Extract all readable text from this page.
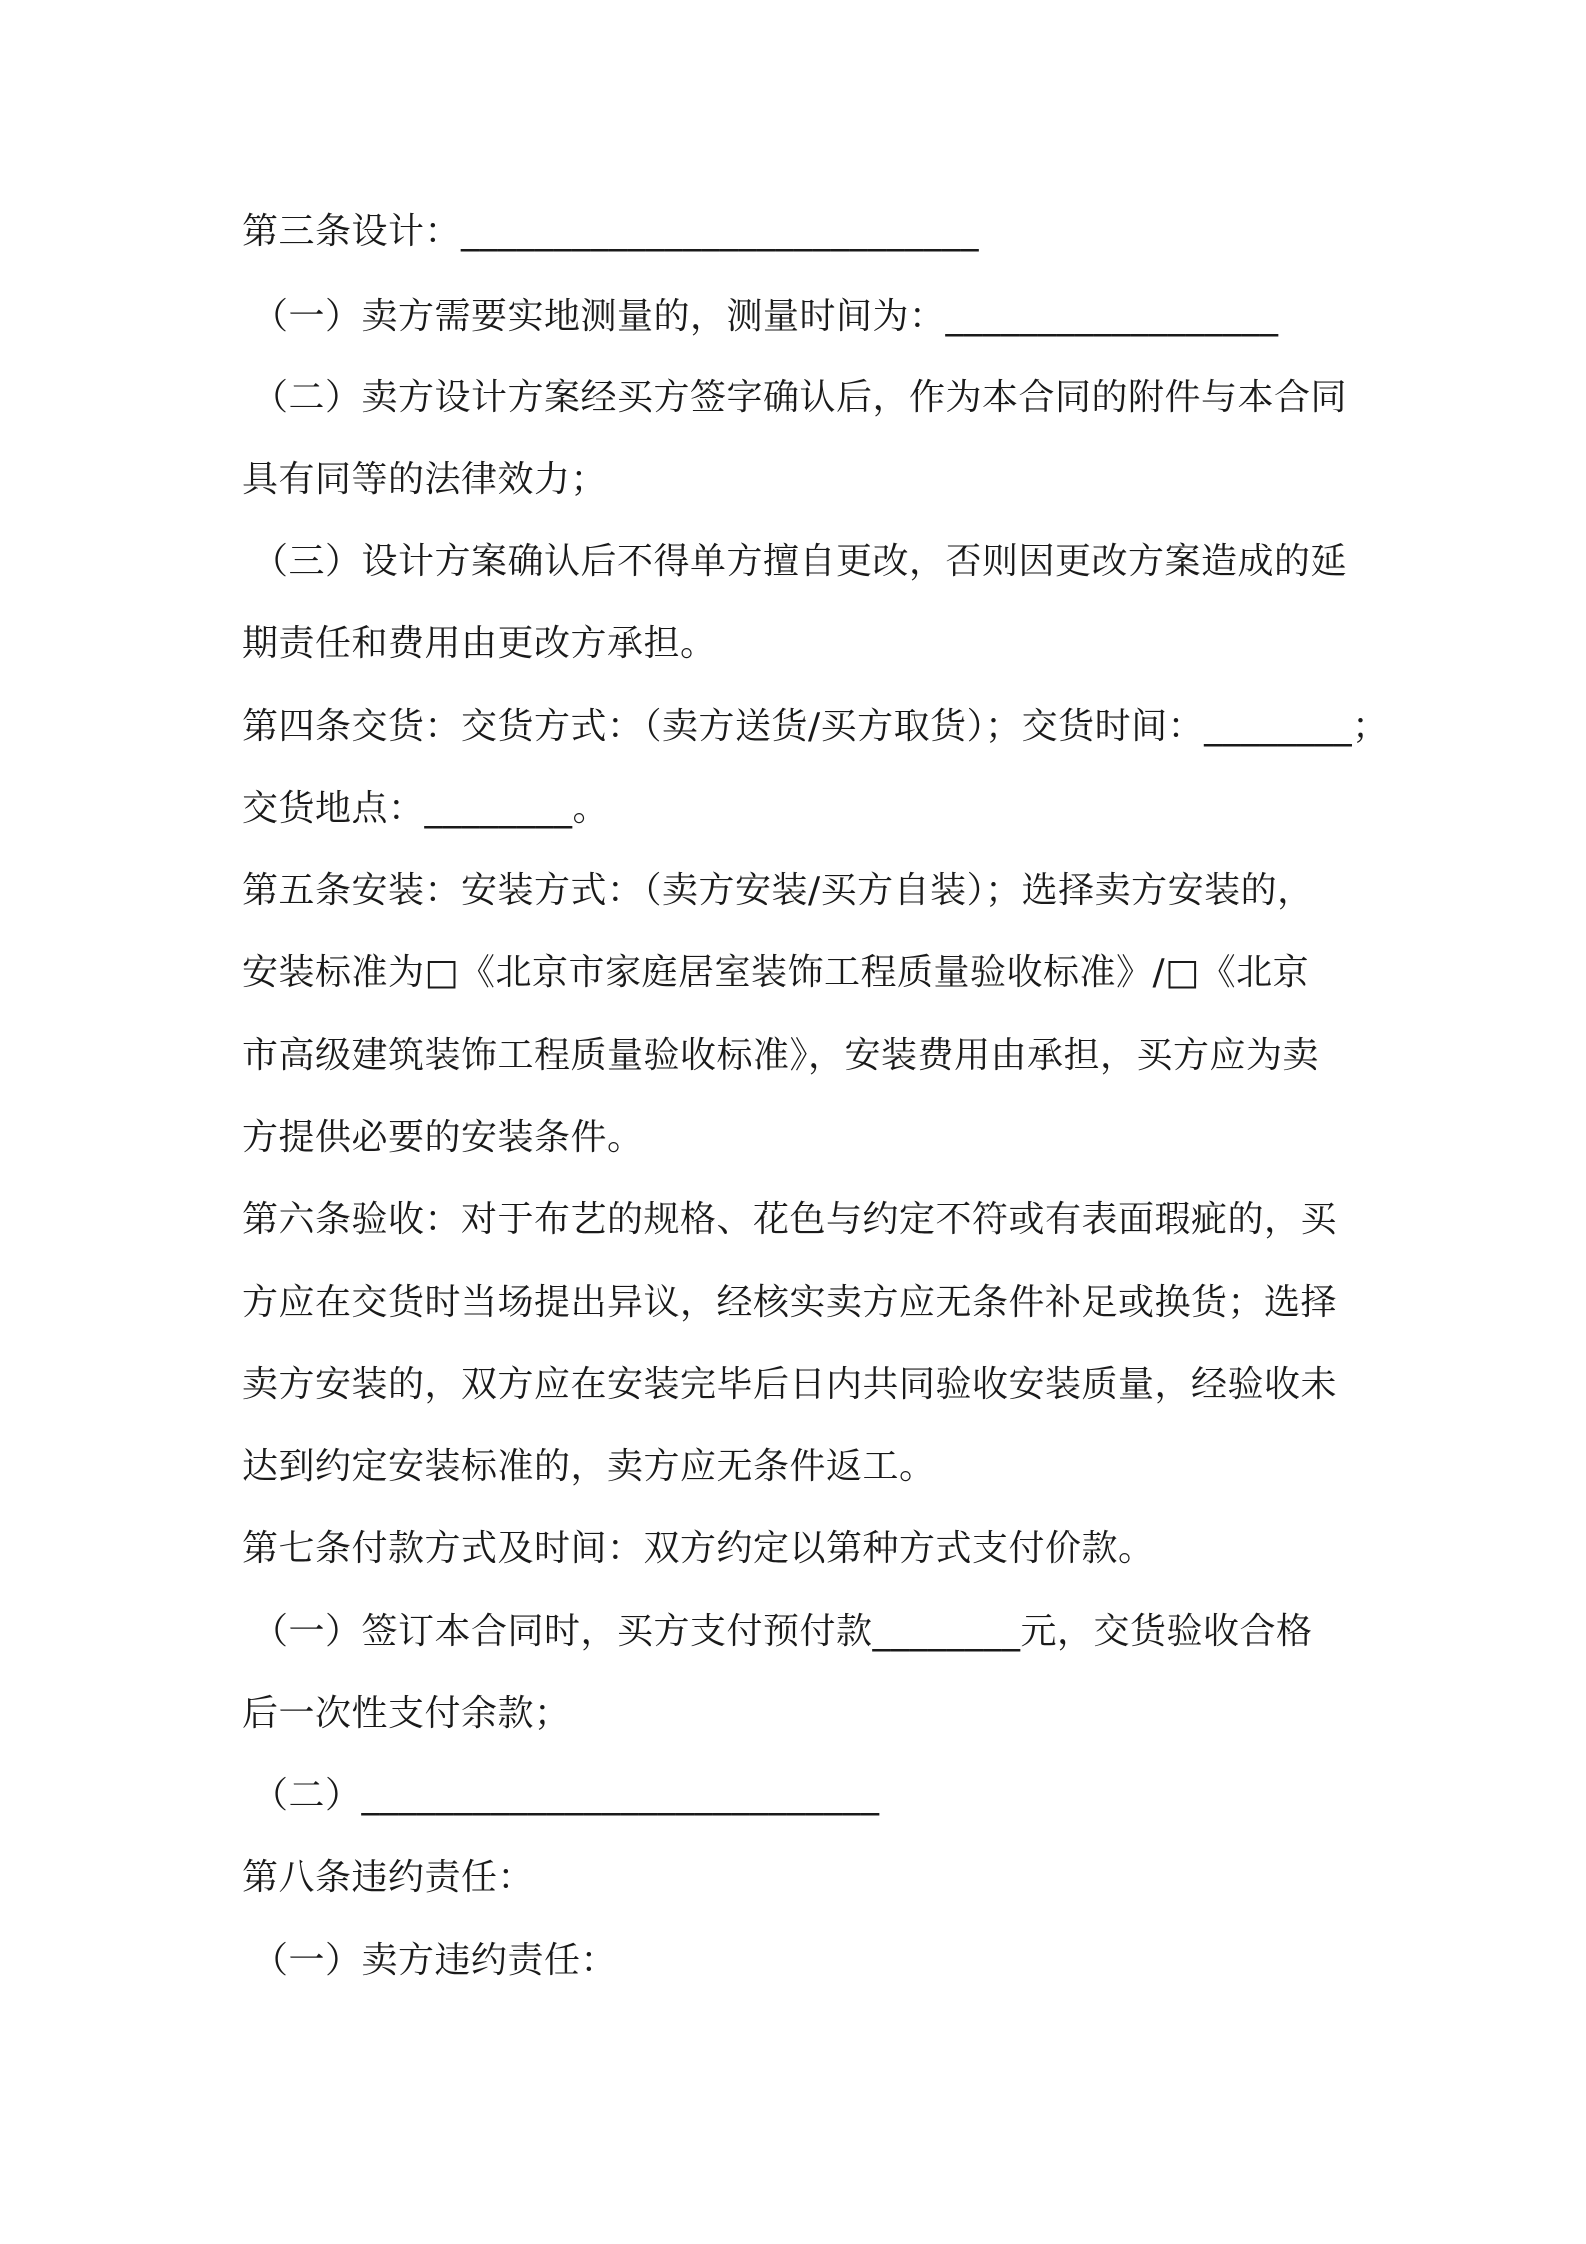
第三条设计：____________________________
（一）卖方需要实地测量的，测量时间为：__________________
（二）卖方设计方案经买方签字确认后，作为本合同的附件与本合同
具有同等的法律效力；
（三）设计方案确认后不得单方擅自更改，否则因更改方案造成的延
期责任和费用由更改方承担。
第四条交货：交货方式：（卖方送货/买方取货）；交货时间：________；
交货地点：________。
第五条安装：安装方式：（卖方安装/买方自装）；选择卖方安装的，
安装标准为□《北京市家庭居室装饰工程质量验收标准》/□《北京
市高级建筑装饰工程质量验收标准》，安装费用由承担，买方应为卖
方提供必要的安装条件。
第六条验收：对于布艺的规格、花色与约定不符或有表面瑕疵的，买
方应在交货时当场提出异议，经核实卖方应无条件补足或换货；选择
卖方安装的，双方应在安装完毕后日内共同验收安装质量，经验收未
达到约定安装标准的，卖方应无条件返工。
第七条付款方式及时间：双方约定以第种方式支付价款。
（一）签订本合同时，买方支付预付款________元，交货验收合格
后一次性支付余款；
（二）____________________________
第八条违约责任：
（一）卖方违约责任：
